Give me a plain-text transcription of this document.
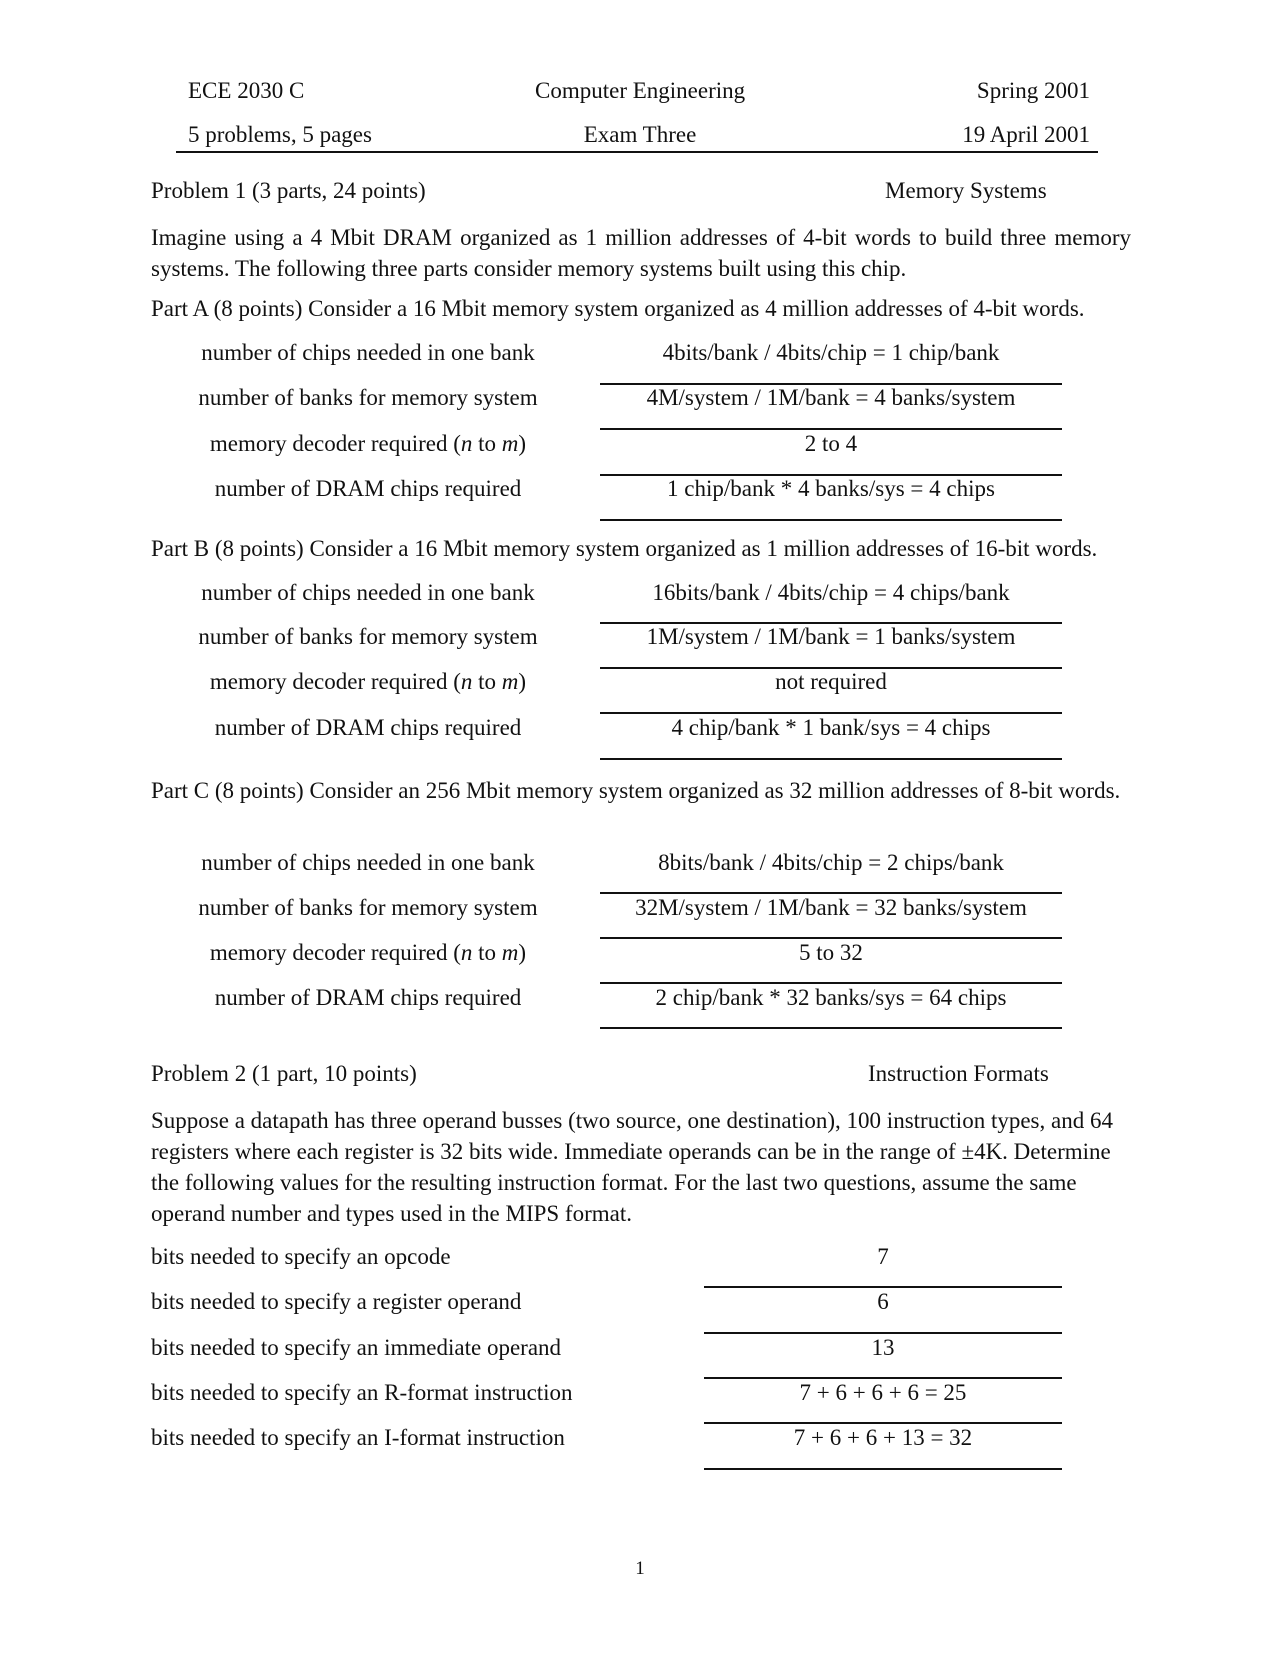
ECE 2030 C	Computer Engineering	Spring 2001
5 problems, 5 pages	Exam Three	19 April 2001
Problem 1 (3 parts, 24 points)	Memory Systems
Imagine using a 4 Mbit DRAM organized as 1 million addresses of 4-bit words to build three memory systems. The following three parts consider memory systems built using this chip.
Part A (8 points) Consider a 16 Mbit memory system organized as 4 million addresses of 4-bit words.
number of chips needed in one bank	4bits/bank / 4bits/chip = 1 chip/bank
number of banks for memory system	4M/system / 1M/bank = 4 banks/system
memory decoder required (n to m)	2 to 4
number of DRAM chips required	1 chip/bank * 4 banks/sys = 4 chips
Part B (8 points) Consider a 16 Mbit memory system organized as 1 million addresses of 16-bit words.
number of chips needed in one bank	16bits/bank / 4bits/chip = 4 chips/bank
number of banks for memory system	1M/system / 1M/bank = 1 banks/system
memory decoder required (n to m)	not required
number of DRAM chips required	4 chip/bank * 1 bank/sys = 4 chips
Part C (8 points) Consider an 256 Mbit memory system organized as 32 million addresses of 8-bit words.
number of chips needed in one bank	8bits/bank / 4bits/chip = 2 chips/bank
number of banks for memory system	32M/system / 1M/bank = 32 banks/system
memory decoder required (n to m)	5 to 32
number of DRAM chips required	2 chip/bank * 32 banks/sys = 64 chips
Problem 2 (1 part, 10 points)	Instruction Formats
Suppose a datapath has three operand busses (two source, one destination), 100 instruction types, and 64 registers where each register is 32 bits wide. Immediate operands can be in the range of ±4K. Determine the following values for the resulting instruction format. For the last two questions, assume the same operand number and types used in the MIPS format.
bits needed to specify an opcode	7
bits needed to specify a register operand	6
bits needed to specify an immediate operand	13
bits needed to specify an R-format instruction	7 + 6 + 6 + 6 = 25
bits needed to specify an I-format instruction	7 + 6 + 6 + 13 = 32
1
